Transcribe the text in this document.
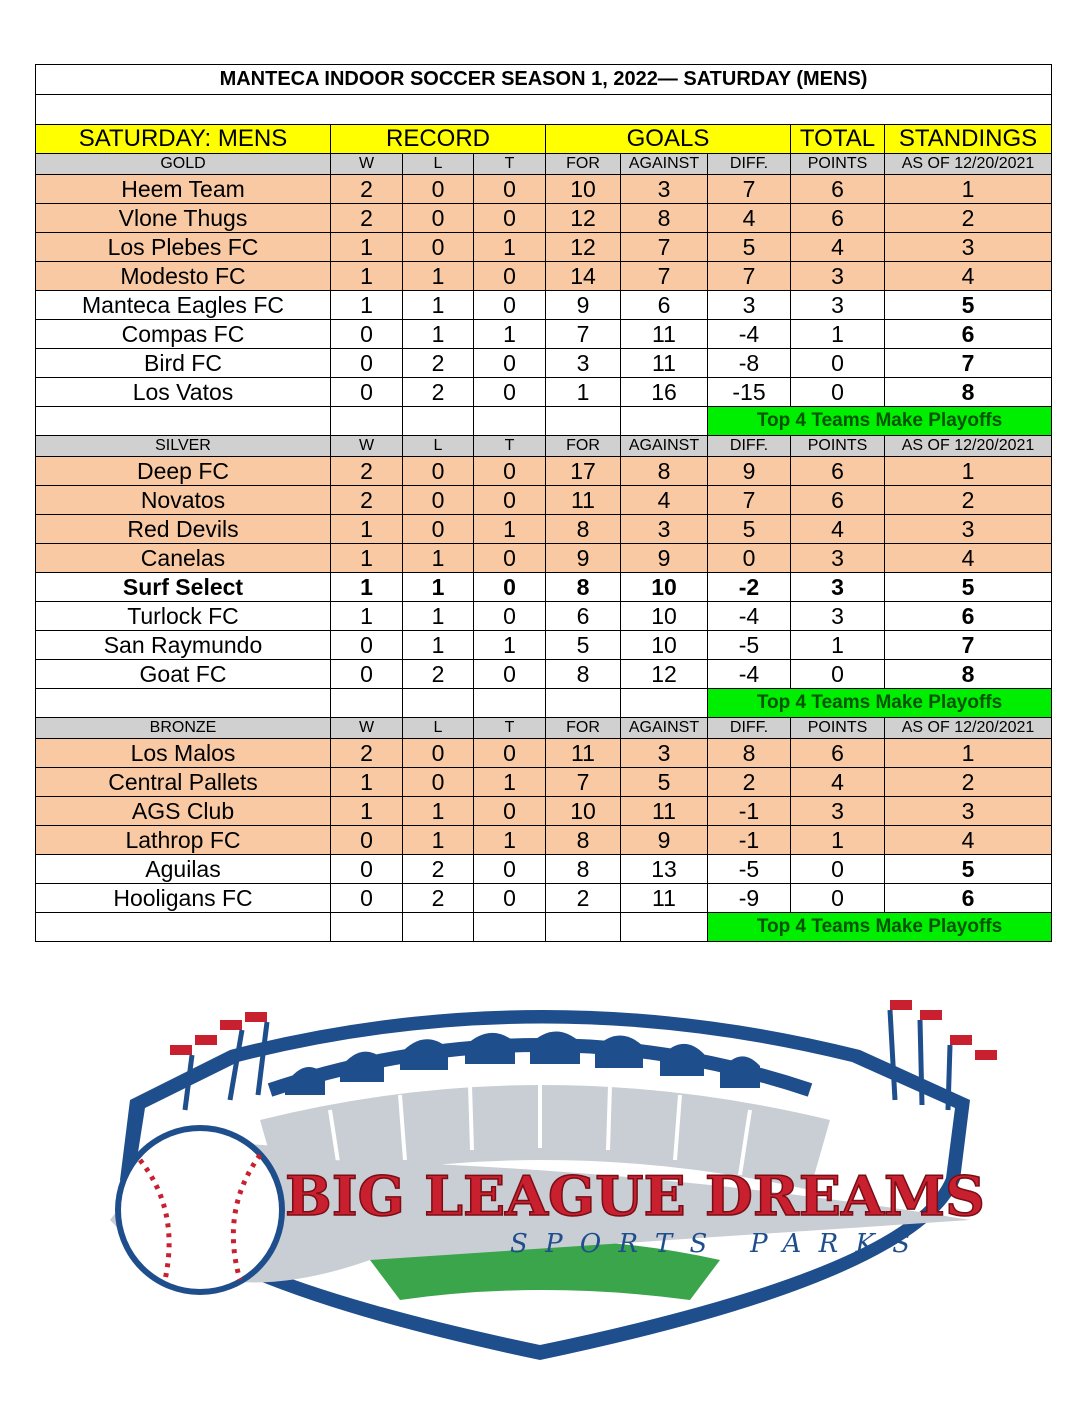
MANTECA INDOOR SOCCER SEASON 1, 2022— SATURDAY (MENS)								

SATURDAY: MENS	RECORD			GOALS			TOTAL	STANDINGS
GOLD	W	L	T	FOR	AGAINST	DIFF.	POINTS	AS OF 12/20/2021
Heem Team	2	0	0	10	3	7	6	1
Vlone Thugs	2	0	0	12	8	4	6	2
Los Plebes FC	1	0	1	12	7	5	4	3
Modesto FC	1	1	0	14	7	7	3	4
Manteca Eagles FC	1	1	0	9	6	3	3	5
Compas FC	0	1	1	7	11	-4	1	6
Bird FC	0	2	0	3	11	-8	0	7
Los Vatos	0	2	0	1	16	-15	0	8
						Top 4 Teams Make Playoffs		
SILVER	W	L	T	FOR	AGAINST	DIFF.	POINTS	AS OF 12/20/2021
Deep FC	2	0	0	17	8	9	6	1
Novatos	2	0	0	11	4	7	6	2
Red Devils	1	0	1	8	3	5	4	3
Canelas	1	1	0	9	9	0	3	4
Surf Select	1	1	0	8	10	-2	3	5
Turlock FC	1	1	0	6	10	-4	3	6
San Raymundo	0	1	1	5	10	-5	1	7
Goat FC	0	2	0	8	12	-4	0	8
						Top 4 Teams Make Playoffs		
BRONZE	W	L	T	FOR	AGAINST	DIFF.	POINTS	AS OF 12/20/2021
Los Malos	2	0	0	11	3	8	6	1
Central Pallets	1	0	1	7	5	2	4	2
AGS Club	1	1	0	10	11	-1	3	3
Lathrop FC	0	1	1	8	9	-1	1	4
Aguilas	0	2	0	8	13	-5	0	5
Hooligans FC	0	2	0	2	11	-9	0	6
						Top 4 Teams Make Playoffs		
BIG LEAGUE DREAMS
SPORTS PARKS
